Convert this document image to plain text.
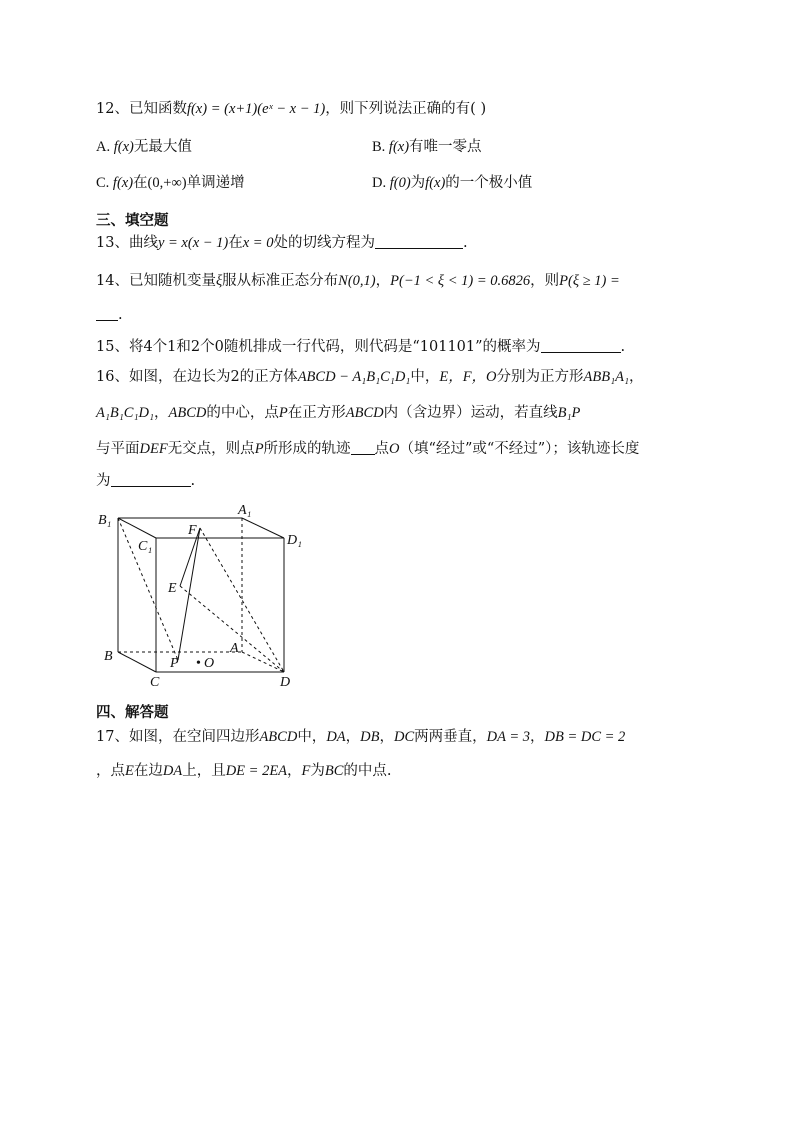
12、已知函数f(x) = (x+1)(eˣ − x − 1)，则下列说法正确的有( )
A. f(x)无最大值	B. f(x)有唯一零点
C. f(x)在(0,+∞)单调递增	D. f(0)为f(x)的一个极小值
三、填空题
13、曲线y = x(x − 1)在x = 0处的切线方程为	.
14、已知随机变量ξ服从标准正态分布N(0,1)，P(−1 < ξ < 1) = 0.6826，则P(ξ ≥ 1) =
.
15、将4个1和2个0随机排成一行代码，则代码是“101101”的概率为	.
16、如图，在边长为2的正方体ABCD − A₁B₁C₁D₁中，E，F，O分别为正方形ABB₁A₁，
A₁B₁C₁D₁，ABCD的中心，点P在正方形ABCD内（含边界）运动，若直线B₁P
与平面DEF无交点，则点P所形成的轨迹 点O（填“经过”或“不经过”）；该轨迹长度
为	.
B₁
A₁
C₁	D₁
F
E
B	P • O
A
C	D
四、解答题
17、如图，在空间四边形ABCD中，DA，DB，DC两两垂直，DA = 3，DB = DC = 2
，点E在边DA上，且DE = 2EA，F为BC的中点.
